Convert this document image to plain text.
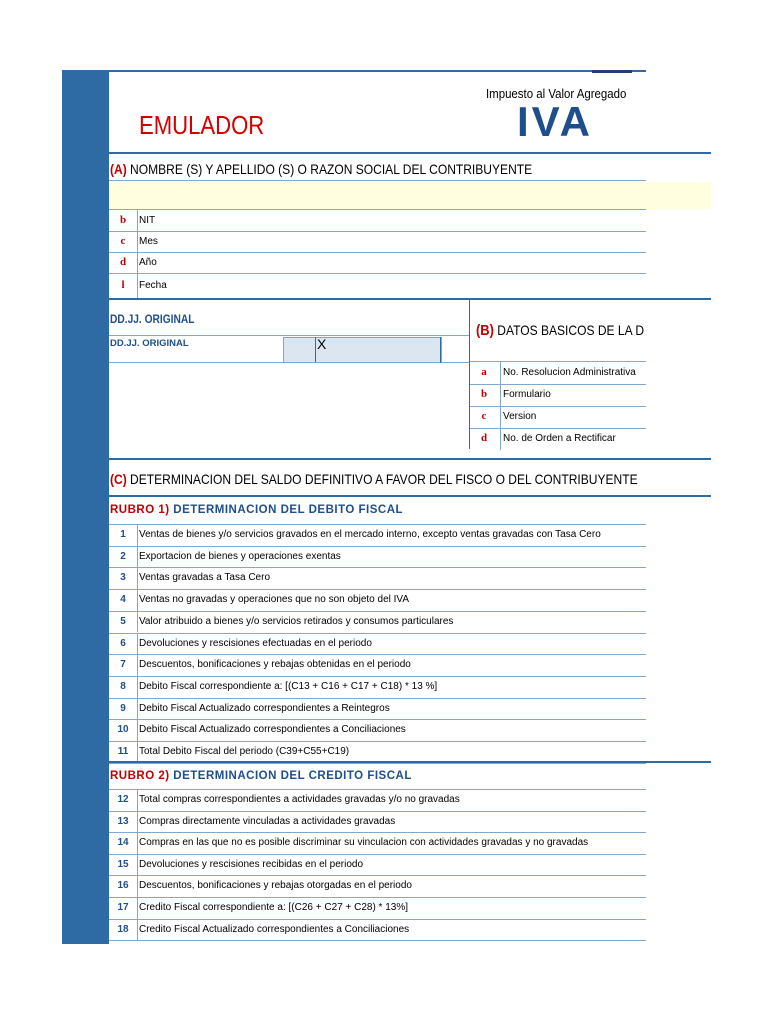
5 - IVA
EMULADOR
Impuesto al Valor Agregado
IVA
(A) NOMBRE (S) Y APELLIDO (S) O RAZON SOCIAL DEL CONTRIBUYENTE
b	NIT
c	Mes
d	Año
l	Fecha
DD.JJ. ORIGINAL
DD.JJ. ORIGINAL	X
(B) DATOS BASICOS DE LA D
a	No. Resolucion Administrativa
b	Formulario
c	Version
d	No. de Orden a Rectificar
(C) DETERMINACION DEL SALDO DEFINITIVO A FAVOR DEL FISCO O DEL CONTRIBUYENTE
RUBRO 1) DETERMINACION DEL DEBITO FISCAL
1	Ventas de bienes y/o servicios gravados en el mercado interno, excepto ventas gravadas con Tasa Cero
2	Exportacion de bienes y operaciones exentas
3	Ventas gravadas a Tasa Cero
4	Ventas no gravadas y operaciones que no son objeto del IVA
5	Valor atribuido a bienes y/o servicios retirados y consumos particulares
6	Devoluciones y rescisiones efectuadas en el periodo
7	Descuentos, bonificaciones y rebajas obtenidas en el periodo
8	Debito Fiscal correspondiente a: [(C13 + C16 + C17 + C18) * 13 %]
9	Debito Fiscal Actualizado correspondientes a Reintegros
10	Debito Fiscal Actualizado correspondientes a Conciliaciones
11	Total Debito Fiscal del periodo (C39+C55+C19)
RUBRO 2) DETERMINACION DEL CREDITO FISCAL
12	Total compras correspondientes a actividades gravadas y/o no gravadas
13	Compras directamente vinculadas a actividades gravadas
14	Compras en las que no es posible discriminar su vinculacion con actividades gravadas y no gravadas
15	Devoluciones y rescisiones recibidas en el periodo
16	Descuentos, bonificaciones y rebajas otorgadas en el periodo
17	Credito Fiscal correspondiente a: [(C26 + C27 + C28) * 13%]
18	Credito Fiscal Actualizado correspondientes a Conciliaciones
